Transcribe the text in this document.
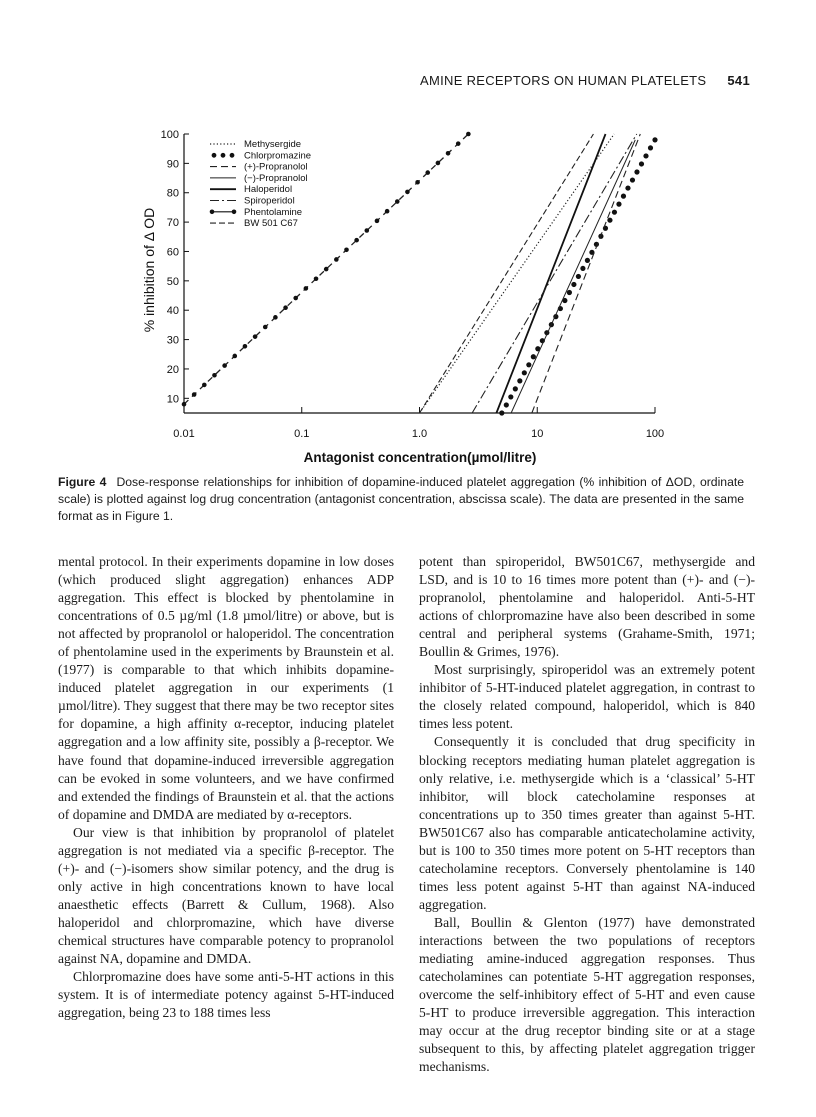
AMINE RECEPTORS ON HUMAN PLATELETS 541
10
20
30
40
50
60
70
80
90
100
0.01	0.1	1.0	10	100
Antagonist concentration(µmol/litre)
% inhibition of Δ OD
Methysergide
Chlorpromazine
(+)-Propranolol
(−)-Propranolol
Haloperidol
Spiroperidol
Phentolamine
BW 501 C67
Figure 4 Dose-response relationships for inhibition of dopamine-induced platelet aggregation (% inhibition of ΔOD, ordinate scale) is plotted against log drug concentration (antagonist concentration, abscissa scale). The data are presented in the same format as in Figure 1.

mental protocol. In their experiments dopamine in low doses (which produced slight aggregation) enhances ADP aggregation. This effect is blocked by phentolamine in concentrations of 0.5 µg/ml (1.8 µmol/litre) or above, but is not affected by propranolol or haloperidol. The concentration of phentolamine used in the experiments by Braunstein et al. (1977) is comparable to that which inhibits dopamine-induced platelet aggregation in our experiments (1 µmol/litre). They suggest that there may be two receptor sites for dopamine, a high affinity α-receptor, inducing platelet aggregation and a low affinity site, possibly a β-receptor. We have found that dopamine-induced irreversible aggregation can be evoked in some volunteers, and we have confirmed and extended the findings of Braunstein et al. that the actions of dopamine and DMDA are mediated by α-receptors.

Our view is that inhibition by propranolol of platelet aggregation is not mediated via a specific β-receptor. The (+)- and (−)-isomers show similar potency, and the drug is only active in high concentrations known to have local anaesthetic effects (Barrett & Cullum, 1968). Also haloperidol and chlorpromazine, which have diverse chemical structures have comparable potency to propranolol against NA, dopamine and DMDA.

Chlorpromazine does have some anti-5-HT actions in this system. It is of intermediate potency against 5-HT-induced aggregation, being 23 to 188 times less

potent than spiroperidol, BW501C67, methysergide and LSD, and is 10 to 16 times more potent than (+)- and (−)-propranolol, phentolamine and haloperidol. Anti-5-HT actions of chlorpromazine have also been described in some central and peripheral systems (Grahame-Smith, 1971; Boullin & Grimes, 1976).

Most surprisingly, spiroperidol was an extremely potent inhibitor of 5-HT-induced platelet aggregation, in contrast to the closely related compound, haloperidol, which is 840 times less potent.

Consequently it is concluded that drug specificity in blocking receptors mediating human platelet aggregation is only relative, i.e. methysergide which is a ‘classical’ 5-HT inhibitor, will block catecholamine responses at concentrations up to 350 times greater than against 5-HT. BW501C67 also has comparable anticatecholamine activity, but is 100 to 350 times more potent on 5-HT receptors than catecholamine receptors. Conversely phentolamine is 140 times less potent against 5-HT than against NA-induced aggregation.

Ball, Boullin & Glenton (1977) have demonstrated interactions between the two populations of receptors mediating amine-induced aggregation responses. Thus catecholamines can potentiate 5-HT aggregation responses, overcome the self-inhibitory effect of 5-HT and even cause 5-HT to produce irreversible aggregation. This interaction may occur at the drug receptor binding site or at a stage subsequent to this, by affecting platelet aggregation trigger mechanisms.
